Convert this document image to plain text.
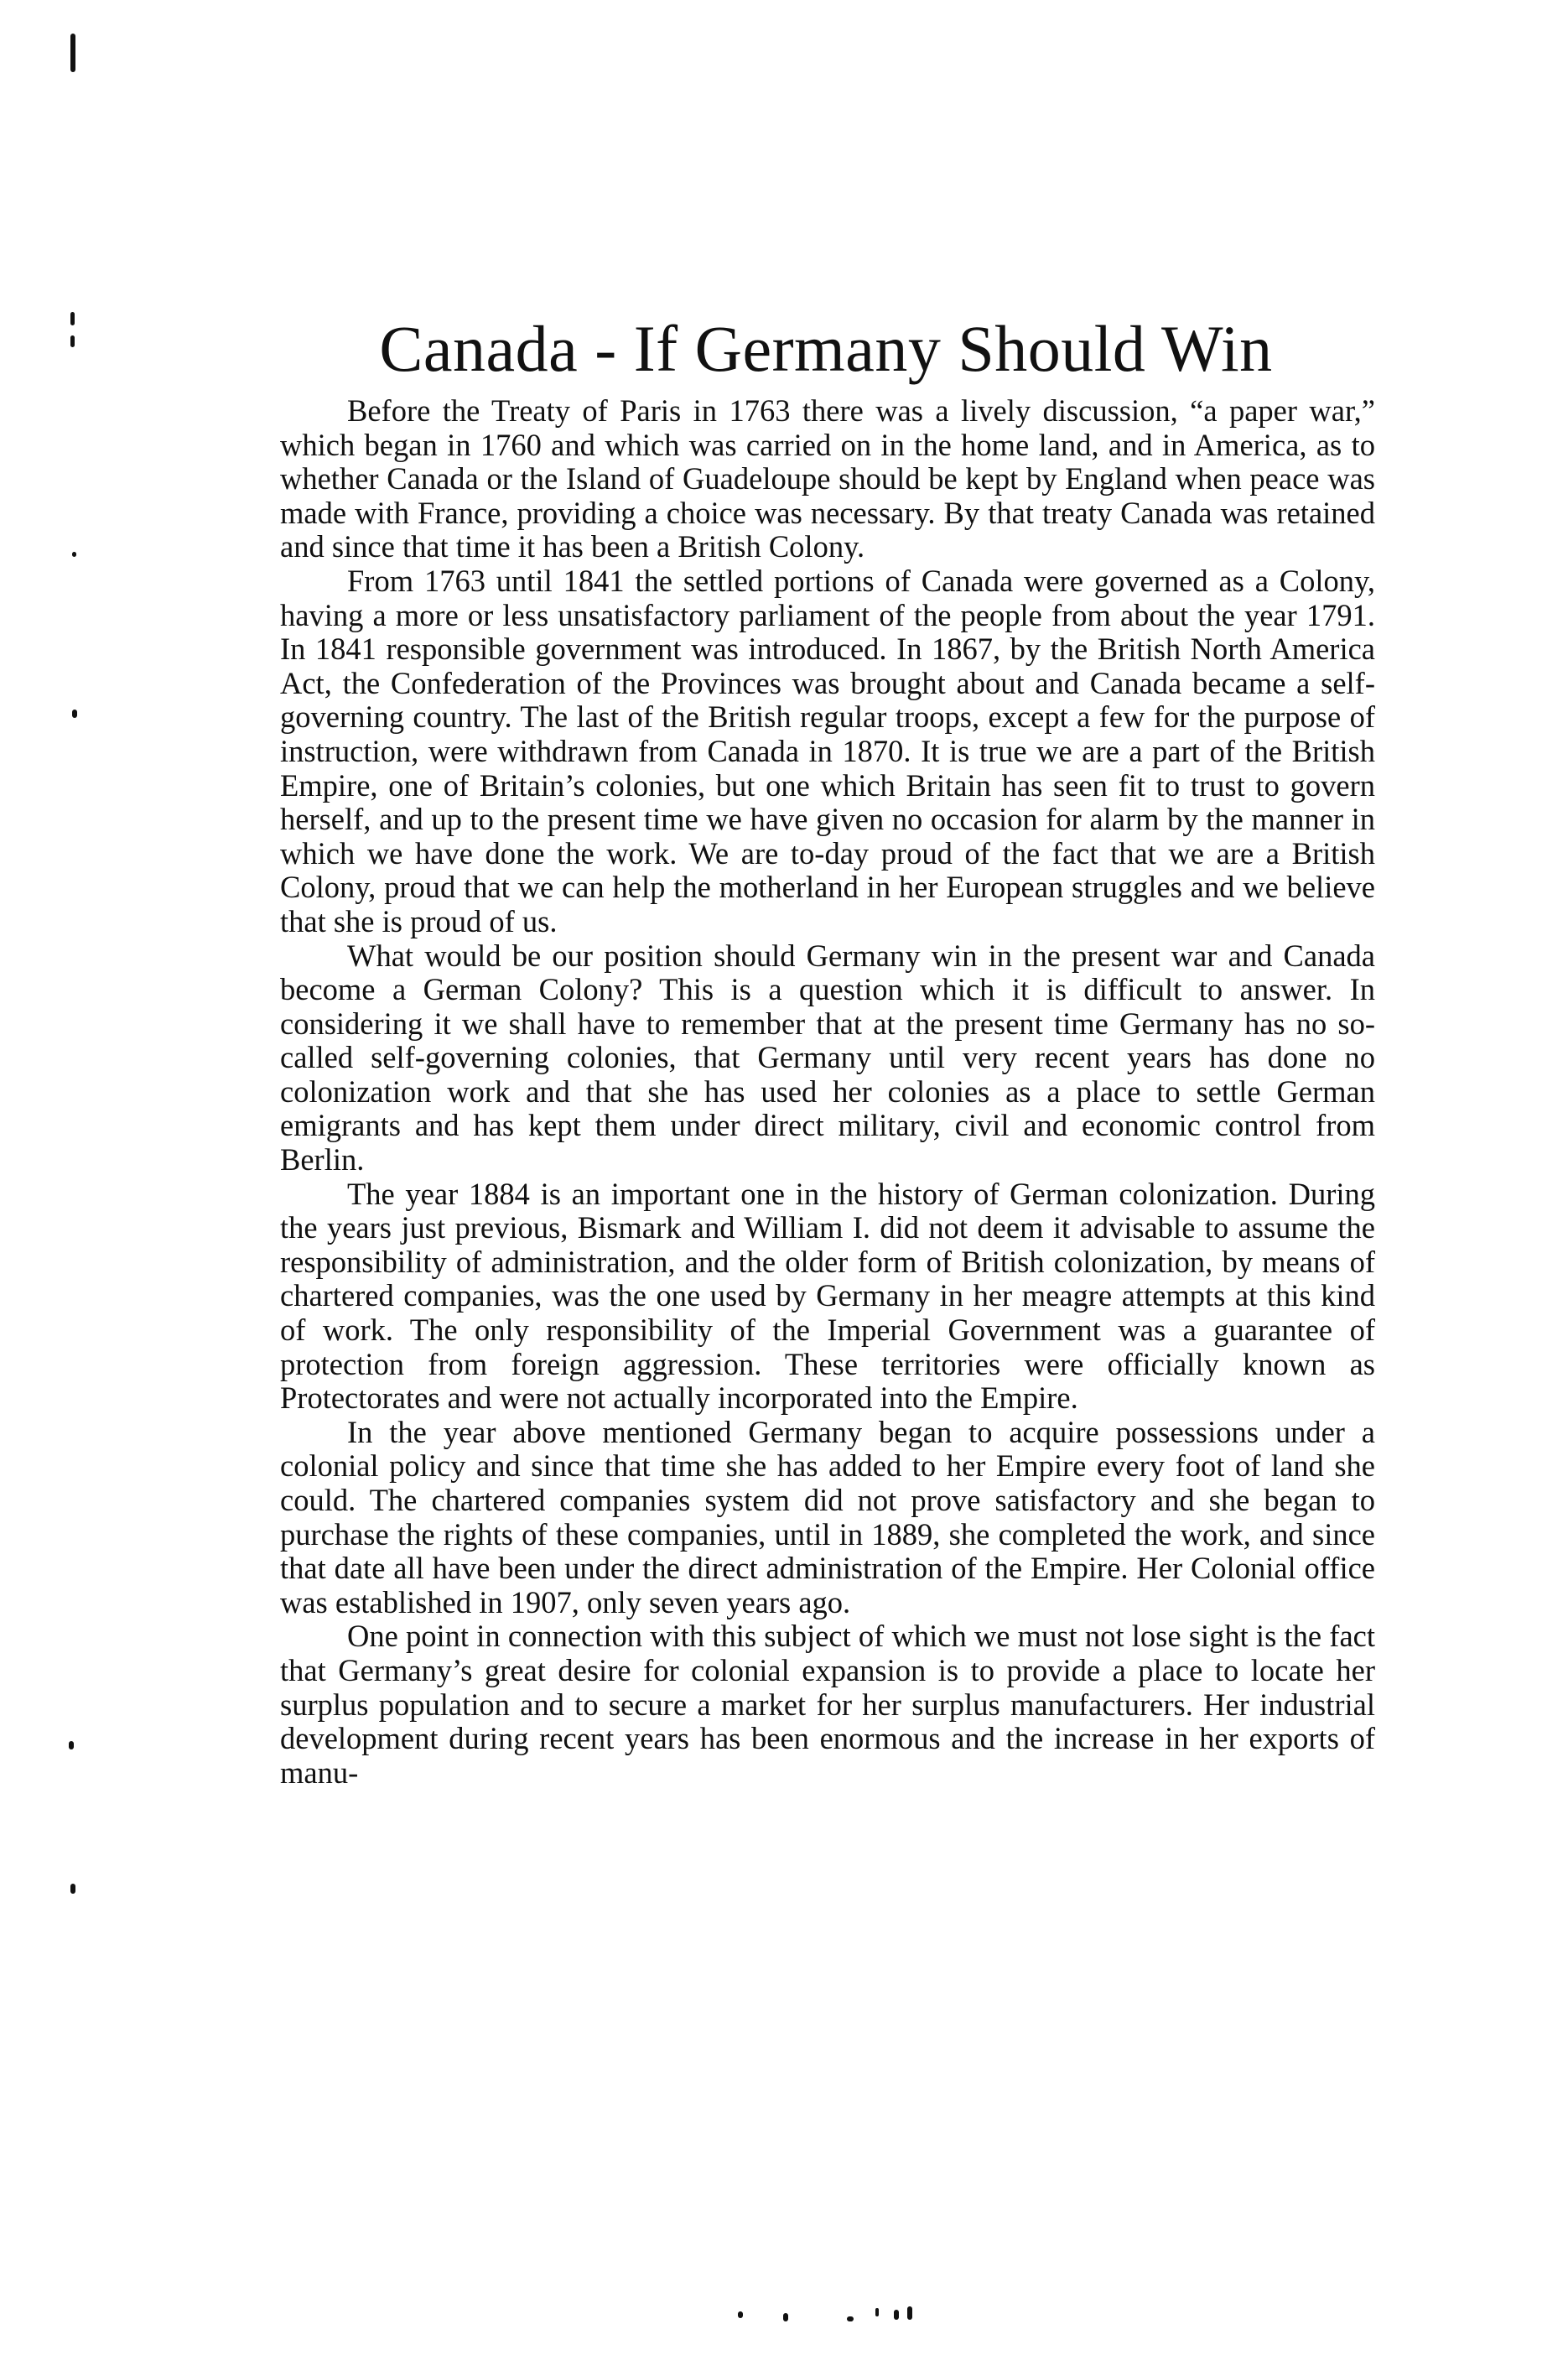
Canada - If Germany Should Win

Before the Treaty of Paris in 1763 there was a lively discussion, “a paper war,” which began in 1760 and which was carried on in the home land, and in America, as to whether Canada or the Island of Guadeloupe should be kept by England when peace was made with France, providing a choice was necessary. By that treaty Canada was retained and since that time it has been a British Colony.

From 1763 until 1841 the settled portions of Canada were governed as a Colony, having a more or less unsatisfactory parliament of the people from about the year 1791. In 1841 responsible government was introduced. In 1867, by the British North America Act, the Confederation of the Provinces was brought about and Canada became a self-governing country. The last of the British regular troops, except a few for the purpose of instruction, were withdrawn from Canada in 1870. It is true we are a part of the British Empire, one of Britain’s colonies, but one which Britain has seen fit to trust to govern herself, and up to the present time we have given no occasion for alarm by the manner in which we have done the work. We are to-day proud of the fact that we are a British Colony, proud that we can help the motherland in her European struggles and we believe that she is proud of us.

What would be our position should Germany win in the present war and Canada become a German Colony? This is a question which it is difficult to answer. In considering it we shall have to remember that at the present time Germany has no so-called self-governing colonies, that Germany until very recent years has done no colonization work and that she has used her colonies as a place to settle German emigrants and has kept them under direct military, civil and economic control from Berlin.

The year 1884 is an important one in the history of German colonization. During the years just previous, Bismark and William I. did not deem it advisable to assume the responsibility of administration, and the older form of British colonization, by means of chartered companies, was the one used by Germany in her meagre attempts at this kind of work. The only responsibility of the Imperial Government was a guarantee of protection from foreign aggression. These territories were officially known as Protectorates and were not actually incorporated into the Empire.

In the year above mentioned Germany began to acquire possessions under a colonial policy and since that time she has added to her Empire every foot of land she could. The chartered companies system did not prove satisfactory and she began to purchase the rights of these companies, until in 1889, she completed the work, and since that date all have been under the direct administration of the Empire. Her Colonial office was established in 1907, only seven years ago.

One point in connection with this subject of which we must not lose sight is the fact that Germany’s great desire for colonial expansion is to provide a place to locate her surplus population and to secure a market for her surplus manufacturers. Her industrial development during recent years has been enormous and the increase in her exports of manu-
